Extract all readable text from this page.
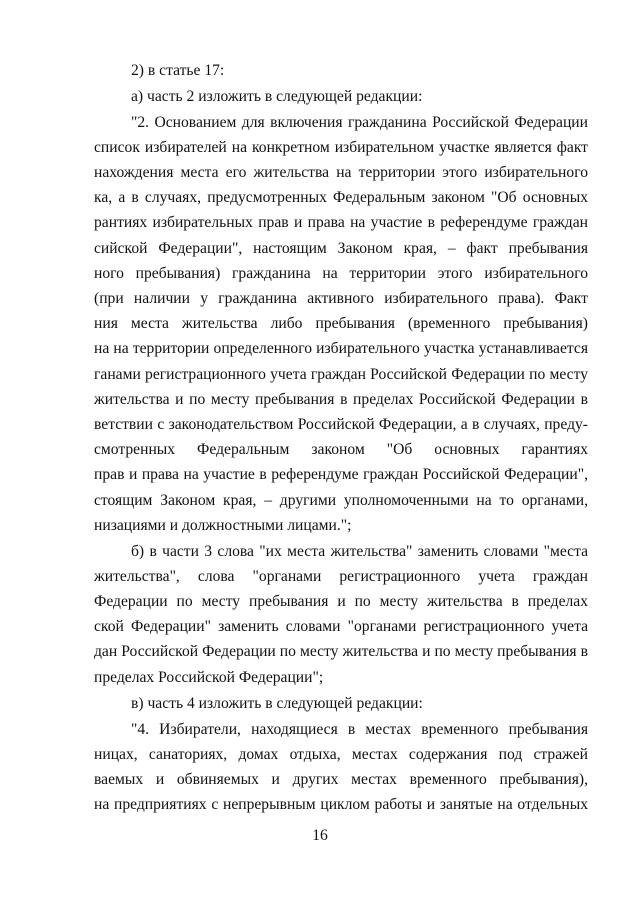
2) в статье 17:
а) часть 2 изложить в следующей редакции:
"2. Основанием для включения гражданина Российской Федерации
список избирателей на конкретном избирательном участке является факт
нахождения места его жительства на территории этого избирательного
ка, а в случаях, предусмотренных Федеральным законом "Об основных
рантиях избирательных прав и права на участие в референдуме граждан
сийской Федерации", настоящим Законом края, – факт пребывания
ного пребывания) гражданина на территории этого избирательного
(при наличии у гражданина активного избирательного права). Факт
ния места жительства либо пребывания (временного пребывания)
на на территории определенного избирательного участка устанавливается
ганами регистрационного учета граждан Российской Федерации по месту
жительства и по месту пребывания в пределах Российской Федерации в
ветствии с законодательством Российской Федерации, а в случаях, преду-
смотренных Федеральным законом "Об основных гарантиях
прав и права на участие в референдуме граждан Российской Федерации",
стоящим Законом края, – другими уполномоченными на то органами,
низациями и должностными лицами.";
б) в части 3 слова "их места жительства" заменить словами "места
жительства", слова "органами регистрационного учета граждан
Федерации по месту пребывания и по месту жительства в пределах
ской Федерации" заменить словами "органами регистрационного учета
дан Российской Федерации по месту жительства и по месту пребывания в
пределах Российской Федерации";
в) часть 4 изложить в следующей редакции:
"4. Избиратели, находящиеся в местах временного пребывания
ницах, санаториях, домах отдыха, местах содержания под стражей
ваемых и обвиняемых и других местах временного пребывания),
на предприятиях с непрерывным циклом работы и занятые на отдельных
16
